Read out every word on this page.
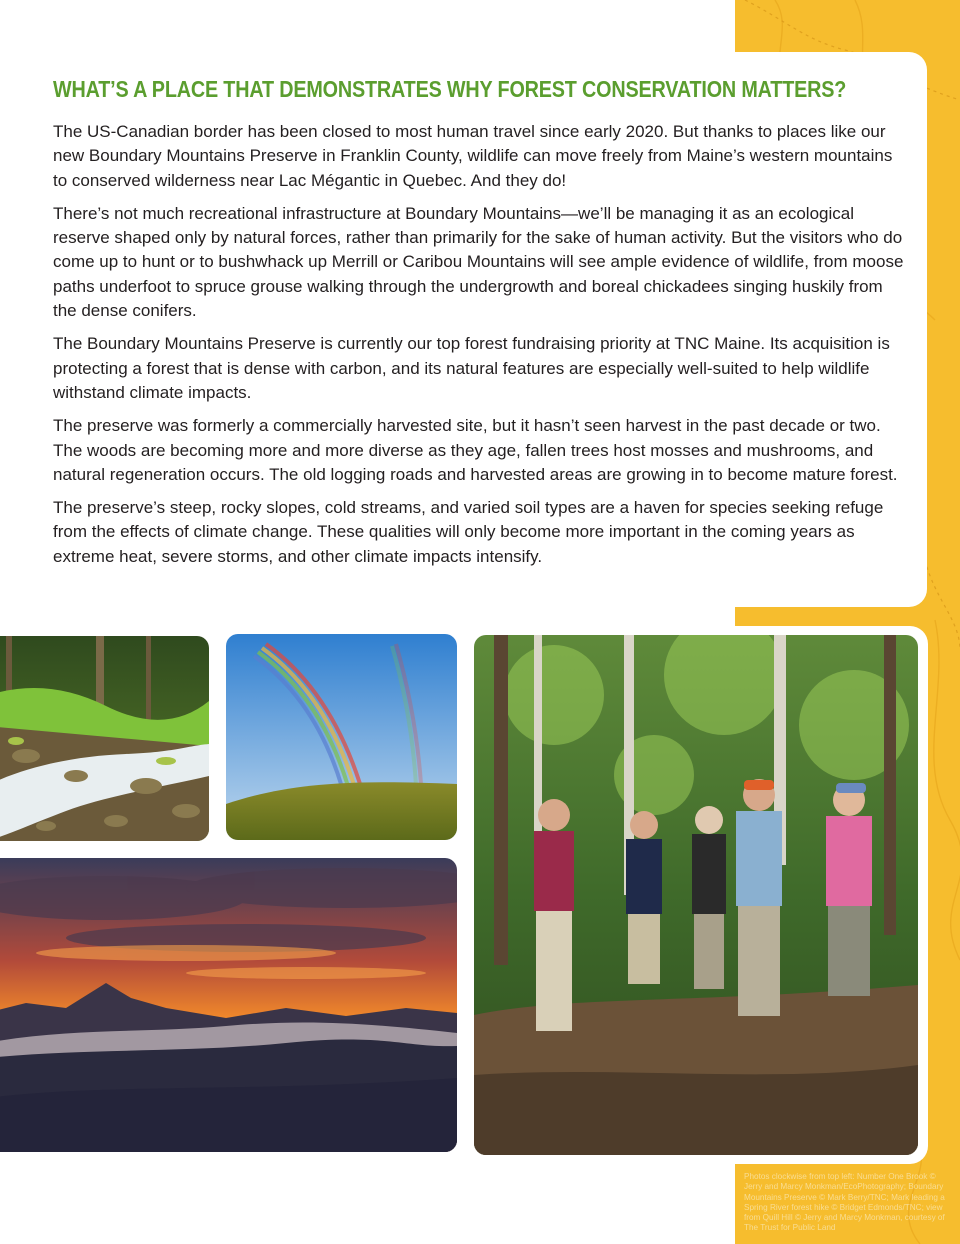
WHAT’S A PLACE THAT DEMONSTRATES WHY FOREST CONSERVATION MATTERS?

The US-Canadian border has been closed to most human travel since early 2020. But thanks to places like our new Boundary Mountains Preserve in Franklin County, wildlife can move freely from Maine’s western mountains to conserved wilderness near Lac Mégantic in Quebec. And they do!

There’s not much recreational infrastructure at Boundary Mountains—we’ll be managing it as an ecological reserve shaped only by natural forces, rather than primarily for the sake of human activity. But the visitors who do come up to hunt or to bushwhack up Merrill or Caribou Mountains will see ample evidence of wildlife, from moose paths underfoot to spruce grouse walking through the undergrowth and boreal chickadees singing huskily from the dense conifers.

The Boundary Mountains Preserve is currently our top forest fundraising priority at TNC Maine. Its acquisition is protecting a forest that is dense with carbon, and its natural features are especially well-suited to help wildlife withstand climate impacts.

The preserve was formerly a commercially harvested site, but it hasn’t seen harvest in the past decade or two. The woods are becoming more and more diverse as they age, fallen trees host mosses and mushrooms, and natural regeneration occurs. The old logging roads and harvested areas are growing in to become mature forest.

The preserve’s steep, rocky slopes, cold streams, and varied soil types are a haven for species seeking refuge from the effects of climate change. These qualities will only become more important in the coming years as extreme heat, severe storms, and other climate impacts intensify.

Photos clockwise from top left: Number One Brook © Jerry and Marcy Monkman/EcoPhotography; Boundary Mountains Preserve © Mark Berry/TNC; Mark leading a Spring River forest hike © Bridget Edmonds/TNC; view from Quill Hill © Jerry and Marcy Monkman, courtesy of The Trust for Public Land
